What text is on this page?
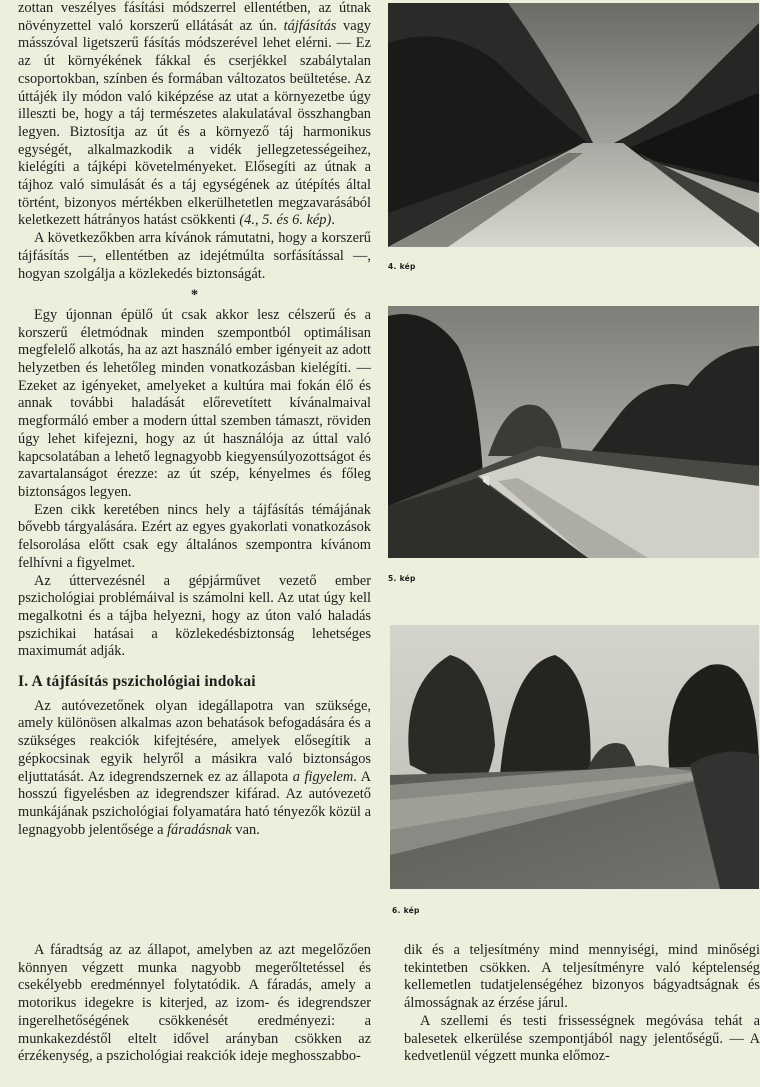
zottan veszélyes fásítási módszerrel ellentétben, az útnak növényzettel való korszerű ellátását az ún. tájfásítás vagy másszóval ligetszerű fásítás módszerével lehet elérni. — Ez az út környékének fákkal és cserjékkel szabálytalan csoportokban, színben és formában változatos beültetése. Az úttájék ily módon való kiképzése az utat a környezetbe úgy illeszti be, hogy a táj természetes alakulatával összhangban legyen. Biztosítja az út és a környező táj harmonikus egységét, alkalmazkodik a vidék jellegzetességeihez, kielégíti a tájképi követelményeket. Elősegíti az útnak a tájhoz való simulását és a táj egységének az útépítés által történt, bizonyos mértékben elkerülhetetlen megzavarásából keletkezett hátrányos hatást csökkenti (4., 5. és 6. kép).

A következőkben arra kívánok rámutatni, hogy a korszerű tájfásítás —, ellentétben az idejétmúlta sorfásítással —, hogyan szolgálja a közlekedés biztonságát.

*

Egy újonnan épülő út csak akkor lesz célszerű és a korszerű életmódnak minden szempontból optimálisan megfelelő alkotás, ha az azt használó ember igényeit az adott helyzetben és lehetőleg minden vonatkozásban kielégíti. — Ezeket az igényeket, amelyeket a kultúra mai fokán élő és annak további haladását előrevetített kívánalmaival megformáló ember a modern úttal szemben támaszt, röviden úgy lehet kifejezni, hogy az út használója az úttal való kapcsolatában a lehető legnagyobb kiegyensúlyozottságot és zavartalanságot érezze: az út szép, kényelmes és főleg biztonságos legyen.

Ezen cikk keretében nincs hely a tájfásítás témájának bővebb tárgyalására. Ezért az egyes gyakorlati vonatkozások felsorolása előtt csak egy általános szempontra kívánom felhívni a figyelmet.

Az úttervezésnél a gépjárművet vezető ember pszichológiai problémáival is számolni kell. Az utat úgy kell megalkotni és a tájba helyezni, hogy az úton való haladás pszichikai hatásai a közlekedésbiztonság lehetséges maximumát adják.

I. A tájfásítás pszichológiai indokai

Az autóvezetőnek olyan idegállapotra van szüksége, amely különösen alkalmas azon behatások befogadására és a szükséges reakciók kifejtésére, amelyek elősegítik a gépkocsinak egyik helyről a másikra való biztonságos eljuttatását. Az idegrendszernek ez az állapota a figyelem. A hosszú figyelésben az idegrendszer kifárad. Az autóvezető munkájának pszichológiai folyamatára ható tényezők közül a legnagyobb jelentősége a fáradásnak van.

4. kép
5. kép
6. kép

A fáradtság az az állapot, amelyben az azt megelőzően könnyen végzett munka nagyobb megerőltetéssel és csekélyebb eredménnyel folytatódik. A fáradás, amely a motorikus idegekre is kiterjed, az izom- és idegrendszer ingerelhetőségének csökkenését eredményezi: a munkakezdéstől eltelt idővel arányban csökken az érzékenység, a pszichológiai reakciók ideje meghosszabbo-

dik és a teljesítmény mind mennyiségi, mind minőségi tekintetben csökken. A teljesítményre való képtelenség kellemetlen tudatjelenségéhez bizonyos bágyadtságnak és álmosságnak az érzése járul.

A szellemi és testi frissességnek megóvása tehát a balesetek elkerülése szempontjából nagy jelentőségű. — A kedvetlenül végzett munka előmoz-
